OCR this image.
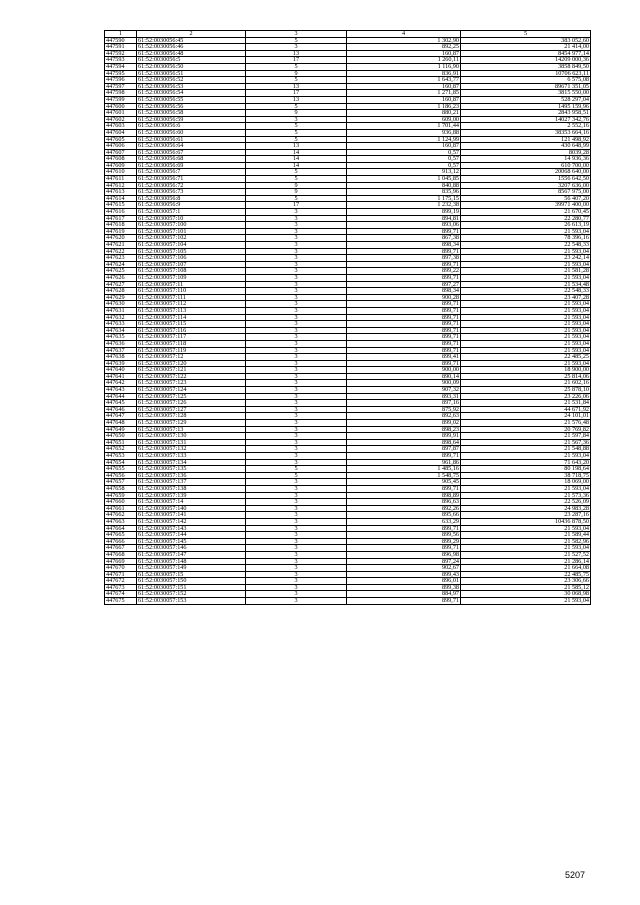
1	2	3	4	5
447590	61:52:0030056:45	5	1 302,90	383 052,60
447591	61:52:0030056:46	3	892,25	21 414,00
447592	61:52:0030056:48	13	160,87	8454 977,14
447593	61:52:0030056:5	17	1 260,11	14209 000,36
447594	61:52:0030056:50	5	1 116,90	3858 849,50
447595	61:52:0030056:51	9	836,91	10706 623,11
447596	61:52:0030056:52	5	1 643,77	6 575,08
447597	61:52:0030056:53	13	160,87	89671 351,05
447598	61:52:0030056:54	17	1 271,85	3815 550,00
447599	61:52:0030056:55	13	160,87	528 297,04
447600	61:52:0030056:56	5	1 186,23	1495 159,96
447601	61:52:0030056:58	9	880,21	2843 958,51
447602	61:52:0030056:59	3	609,00	14027 342,76
447603	61:52:0030056:6	5	1 701,44	2 552,16
447604	61:52:0030056:60	5	936,88	38353 664,16
447605	61:52:0030056:61	5	1 124,99	121 498,92
447606	61:52:0030056:64	13	160,87	430 648,99
447607	61:52:0030056:67	14	0,57	8039,28
447608	61:52:0030056:68	14	0,57	14 936,36
447609	61:52:0030056:69	14	0,57	610 700,00
447610	61:52:0030056:7	5	913,12	20068 640,00
447611	61:52:0030056:71	5	1 045,85	1556 642,50
447612	61:52:0030056:72	9	840,88	3207 636,00
447613	61:52:0030056:73	9	835,96	8567 975,00
447614	61:52:0030056:8	5	1 175,15	56 407,20
447615	61:52:0030056:9	17	1 232,38	39971 400,00
447616	61:52:0030057:1	3	899,19	21 670,45
447617	61:52:0030057:10	3	894,81	22 280,77
447618	61:52:0030057:100	3	893,06	26 613,19
447619	61:52:0030057:101	3	899,71	21 593,04
447620	61:52:0030057:102	3	867,38	78 396,16
447621	61:52:0030057:104	3	898,34	22 548,33
447622	61:52:0030057:105	3	899,71	21 593,04
447623	61:52:0030057:106	3	897,38	23 242,14
447624	61:52:0030057:107	3	899,71	21 593,04
447625	61:52:0030057:108	3	899,22	21 581,28
447626	61:52:0030057:109	3	899,71	21 593,04
447627	61:52:0030057:11	3	897,27	21 534,48
447628	61:52:0030057:110	3	898,34	22 548,33
447629	61:52:0030057:111	3	900,28	23 407,28
447630	61:52:0030057:112	3	899,71	21 593,04
447631	61:52:0030057:113	3	899,71	21 593,04
447632	61:52:0030057:114	3	899,71	21 593,04
447633	61:52:0030057:115	3	899,71	21 593,04
447634	61:52:0030057:116	3	899,71	21 593,04
447635	61:52:0030057:117	3	899,71	21 593,04
447636	61:52:0030057:118	3	899,71	21 593,04
447637	61:52:0030057:119	3	899,71	21 593,04
447638	61:52:0030057:12	3	899,41	22 485,25
447639	61:52:0030057:120	3	899,71	21 593,04
447640	61:52:0030057:121	3	900,00	18 900,00
447641	61:52:0030057:122	3	890,14	25 814,06
447642	61:52:0030057:123	3	900,09	21 602,16
447643	61:52:0030057:124	3	907,32	25 878,10
447644	61:52:0030057:125	3	893,31	23 226,06
447645	61:52:0030057:126	3	897,16	21 531,84
447646	61:52:0030057:127	3	875,92	44 671,92
447647	61:52:0030057:128	3	892,63	24 101,01
447648	61:52:0030057:129	3	899,02	21 576,48
447649	61:52:0030057:13	3	898,23	20 769,82
447650	61:52:0030057:130	3	899,91	21 597,84
447651	61:52:0030057:131	3	898,64	21 567,36
447652	61:52:0030057:132	3	897,87	21 548,88
447653	61:52:0030057:133	3	899,71	21 593,04
447654	61:52:0030057:134	3	961,86	71 643,20
447655	61:52:0030057:135	5	1 485,16	80 198,64
447656	61:52:0030057:136	5	1 548,75	38 718,75
447657	61:52:0030057:137	3	905,45	18 069,00
447658	61:52:0030057:138	3	899,71	21 593,04
447659	61:52:0030057:139	3	898,89	21 573,36
447660	61:52:0030057:14	3	896,63	22 526,09
447661	61:52:0030057:140	3	892,26	24 983,28
447662	61:52:0030057:141	3	895,66	23 287,16
447663	61:52:0030057:142	3	633,29	10436 878,50
447664	61:52:0030057:143	3	899,71	21 593,04
447665	61:52:0030057:144	3	899,56	21 589,44
447666	61:52:0030057:145	3	899,29	21 582,96
447667	61:52:0030057:146	3	899,71	21 593,04
447668	61:52:0030057:147	3	896,98	21 527,52
447669	61:52:0030057:148	3	897,24	21 286,14
447670	61:52:0030057:149	3	902,67	21 664,08
447671	61:52:0030057:15	3	899,43	22 485,75
447672	61:52:0030057:150	3	896,01	23 306,66
447673	61:52:0030057:151	3	899,38	21 585,12
447674	61:52:0030057:152	3	884,97	30 068,98
447675	61:52:0030057:153	3	899,71	21 593,04
5207
